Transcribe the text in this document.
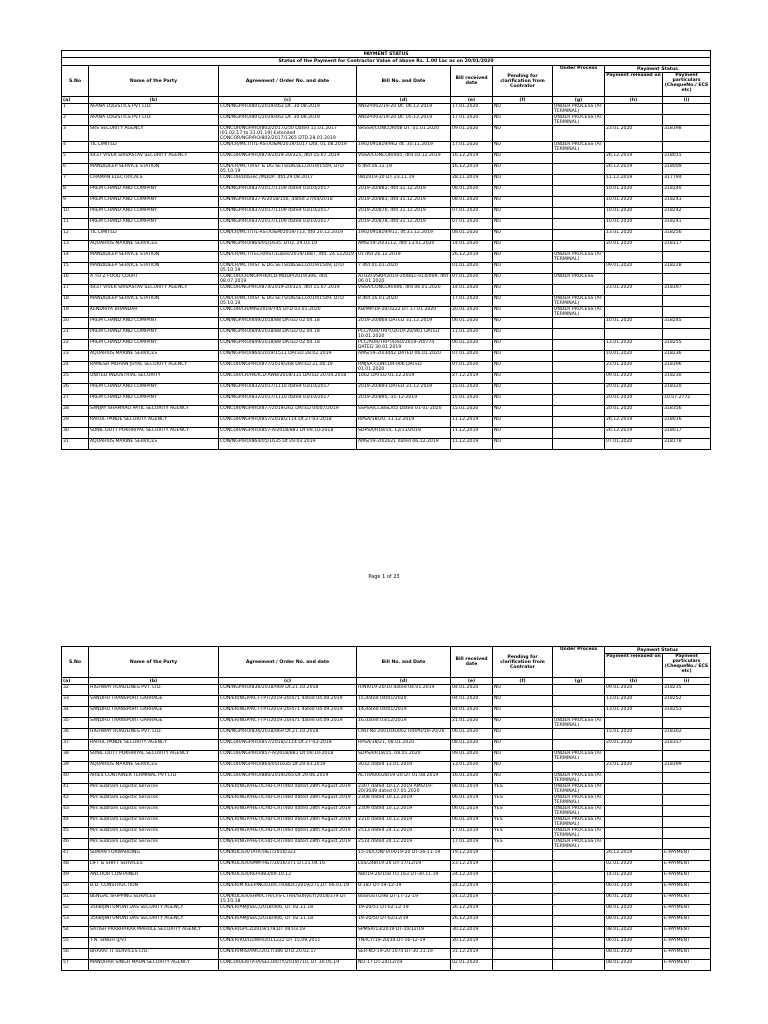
PAYMENT STATUS								
Status of the Payment for Contractor Value of above Rs. 1.00 Lac as on 20/01/2020								
S.No	Name of the Party	Agreement / Order No. and date	Bill No. and Date	Bill received date	Pending for clarification from Contrator	Under Process	Payment Status	
							Payment released on	Payment particulars (ChequeNo./ ECS etc)
(a)	(b)	(c)	(d)	(e)	(f)	(g)	(h)	(i)
1	AFANA LOGISTICS PVT LTD	CON/NGP/RO/801/2019/462 Dt. 30.08.2019	ANGP/002/19-20 Dt. 06.12.2019	17.01.2020	NO	UNDER PROCESS (AT TERMINAL)		
2	AFANA LOGISTICS PVT LTD	CON/NGP/RO/801/2019/462 Dt. 30.08.2019	ANGP/003/19-20 Dt. 05.12.2019	17.01.2020	NO	UNDER PROCESS (AT TERMINAL)		
3	SRS SECURITY AGENCY	CONCOR/NGP/RO/802/2017/250 Dated 11.01.2017 (01.02.17 to 31.01.19) Extended CONCOR/NGP/RO/802/2017/1365 DTD.28.01.2019	SRSSA/CONCOR/08 DT. 01.01.2020	09.01.2020	NO		23.01.2020	318398
4	TIL LIMITED	CON/CR/MCT/TIL-RST/O&M/2019/1017 Dtd. 01.08.2019	1902091819/962 dt. 30.11.2019	17.01.2020	NO	UNDER PROCESS (AT TERMINAL)		
5	4437 VIVEK SRIVASTAV SECURITY AGENCY	CONCOR/NGP/RO/874/2019-20/325, dtd 15.07.2019	VSSA/CONCOR/005, dtd 10.12.2019	16.12.2019	NO		26.12.2019	318015
6	MANDIDEEP SERVICE STATION	CON/CR/MCT/RST & DG SETS/DIESEL/2019/1549, DTD 05.10.19	6 dtd 16.12.19	16.12.2019	NO		26.12.2019	318009
7	CHAMAN ELECTRICALS	CONCOR/DI/Elec./MDDP, dtd.29.08.2017	08/2019-20 DT 23.11.19	28.11.2019	NO		11.12.2019	317794
8	PREM CHAND AND COMPANY	CON/NGP/RO/837/2017/1109 dated 03/10/2017	2019-20/882, dtd 31.12.2019	08.01.2020	NO		10.01.2020	318240
9	PREM CHAND AND COMPANY	CON/NGP/RO/837-A/2018/156, dated 27/04/2018	2019-20/883, dtd 31.12.2019	08.01.2020	NO		10.01.2020	318243
10	PREM CHAND AND COMPANY	CON/NGP/RO/837/2017/1109 dated 03/10/2017	2019-20/876, dtd 31.12.2019	07.01.2020	NO		10.01.2020	318242
11	PREM CHAND AND COMPANY	CON/NGP/RO/837/2017/1109 dated 03/10/2017	2019-20/878, dtd 31.12.2019	07.01.2020	NO		10.01.2020	318241
12	TIL LIMITED	CON/CR/MCT/TIL-RST/O&M/2019/713, dtd 20.12.2019	1902091819/911, dt.31.12.2019	08.01.2020	NO		13.01.2020	318256
13	AQUARIUS MARINE SERVICES	CON/NGP/RO/864/05/1635, DTD. 29.03.19	AMS/19-20/3112, dtd 13.01.2020	14.01.2020	NO		20.01.2020	318317
14	MANDIDEEP SERVICE STATION	CON/CR/MCT/TECH/RST/Lubes/2019/1887, dtd. 24.122019	01 dtd 26.12.2019	26.12.2019	NO	UNDER PROCESS (AT TERMINAL)		
15	MANDIDEEP SERVICE STATION	CON/CR/MCT/RST & DG SETS/DIESEL/2019/1549, DTD 05.10.19	7 dtd 01.01.2020	01.01.2020	NO		09.01.2020	318228
16	A TO Z FOOD COURT	CONCOR/CR/NGP/HK/ICD-MDDP/2019/306, dtd. 08.07.2019	ATOZFVSKP/2019-20/BILL-014/009, dtd 06.01.2020	07.01.2020	NO	UNDER PROCESS		
17	4437 VIVEK SRIVASTAV SECURITY AGENCY	CONCOR/NGP/RO/874/2019-20/325, dtd 15.07.2019	VSSA/CONCOR/006, dtd 06.01.2020	14.01.2020	NO		23.01.2020	318397
18	MANDIDEEP SERVICE STATION	CON/CR/MCT/RST & DG SETS/DIESEL/2019/1549, DTD 05.10.19	8 dtd 16.01.2020	17.01.2020	NO	UNDER PROCESS (AT TERMINAL)		
19	KENDRIYA BHANDAR	CONCOR/CR/MIS/2019/745 DTD 03.01.2020	KB/MP/19-20/3222 DT 17.01.2020	20.01.2020	NO	UNDER PROCESS (AT TERMINAL)		
20	PREM CHAND AND COMPANY	CON/NGP/RO/849/2018/88 DATED 02.04.18	2019-20/864 DATED 31.12.2019	06.01.2020	NO		10.01.2020	318245
21	PREM CHAND AND COMPANY	CON/NGP/RO/849/2018/88 DATED 02.04.18	PCC/AUR/TRPT/2019-20/901 DATED 10.01.2020	11.01.2020	NO			
22	PREM CHAND AND COMPANY	CON/NGP/RO/849/2018/88 DATED 02.04.18	PCC/AUR/TRPT/DSO/2019-20/774 DATED 30.01.2019	06.01.2020	NO		13.01.2020	318255
23	AQUARIUS MARINE SERVICES	CON/NGP/RO/864/2019/1511 DATED 28.02.2019	AMS/19-20/3042 DATED 06.01.2020	07.01.2020	NO		10.01.2020	318236
24	RAMESH MOHAN JUYAL SECURITY AGENCY	CONCOR/NGP/RO/877/2019/268 DATED 21.06.19	RMJSA-CONCOR-006 DATED 01.01.2020	07.01.2020	NO		23.01.2020	318396
25	UNITED INDUSTRIAL SECURITY	CONCOR/CR/HK/ICD-AWB/2018/131 DATED 20.04.2018	1662 DATED 01.12.2019	27.12.2019	NO		09.01.2020	318230
26	PREM CHAND AND COMPANY	CON/NGP/RO/832/2017/1110 dated 03/10/2017	2019-20/893 DATED 31.12.2019	15.01.2020	NO		20.01.2020	318320
27	PREM CHAND AND COMPANY	CON/NGP/RO/832/2017/1110 dated 03/10/2017	2019-20/895, 31-12-2019	15.01.2020	NO		20.01.2020	10.07.2771
28	SANJAY SHAMRAO PATIL SECURITY AGENCY	CONCOR/NGP/RO/877/2019/262 DATED 04/07/2019	SSPSA/CCIBSL/05 Dated 01-01-2020	15.01.2020	NO		20.01.2020	318356
29	RAHUL PANDE SECURITY AGENCY	CONCOR/NGP/RO/857/2018/2114 Dt 27-03-2018	RPSA/18/20, 11.12.2019	11.12.2019	NO		26.12.2019	318016
30	SUNIL DUTT POKHRIYAL SECURITY AGENCY	CONCOR/NGP/RO/857-A/2018/881 Dt 09.10-2018	SDPSA/R18/14, 12/11/2019	11.12.2019	NO		26.12.2019	318017
31	AQUARIUS MARINE SERVICES	CON/NGP/RO/864/05/1635 Dt 29.03.2019	AMS/19-20/2621 dated 06.12.2019	11.12.2019	NO		07.01.2020	318178
Page 1 of 23
S.No	Name of the Party	Agreement / Order No. and date	Bill No. and Date	Bill received date	Pending for clarification from Contrator	Under Process	Payment Status	
							Payment released on	Payment particulars (ChequeNo./ ECS etc)
(a)	(b)	(c)	(d)	(e)	(f)	(g)	(h)	(i)
32	HIGHWAY ROADLINES PVT. LTD.	CON/NGP/RO/836/2018/969 Dt.21.10.2018	H/NR/19-20/10 dated 04.01.2019	04.01.2020	NO		09.01.2020	318235
33	SANDHU TRANSPORT GARRAGE	CON/ER/NGP/RCT-TPT/2019-20/471 dated 04.09.2019	15,dated 04/01/2020	04.01.2020	NO		13.01.2020	318252
34	SANDHU TRANSPORT GARRAGE	CON/ER/NGP/RCT-TPT/2019-20/471 dated 04.09.2019	14,dated 04/01/2019	04.01.2020	NO		13.01.2020	318253
35	SANDHU TRANSPORT GARRAGE	CON/ER/NGP/RCT-TPT/2019-20/471 dated 04.09.2019	16,dated 03/12/2019	21.01.2020	NO	UNDER PROCESS (AT TERMINAL)		
36	HIGHWAY ROADLINES PVT. LTD.	CON/NGP/RO/836/2018/969 Dt.21.10.2018	CNO No 2001040002 H/RPR/19-20/26	06.01.2020	NO		15.01.2020	318302
37	RAHUL PANDE SECURITY AGENCY	CONCOR/NGP/RO/857/2018/2114 Dt 27-03-2018	RPSA/18/21, 08.01.2020	08.01.2020	NO		20.01.2020	318357
38	SUNIL DUTT POKHRIYAL SECURITY AGENCY	CONCOR/NGP/RO/857-A/2018/881 Dt 09.10-2018	SDPSA/R18/15, 08.01.2020	09.01.2020	NO	UNDER PROCESS (AT TERMINAL)		
39	AQUARIUS MARINE SERVICES	CONCOR/NGP/RO/864/05/1635 Dt 29.03.2019	3032 dated 13.01.2019	13.01.2020	NO		23.01.2020	318399
40	ARIES CONTAINER TERMINAL PVT LTD	CONCOR/NGP/RO/880/2019/265 Dt 29.06.2019	ACTRA00028/19-20 DT 01.08.2019	16.01.2020	NO	UNDER PROCESS (AT TERMINAL)		
41	M/s Subham Logistic Services	CON/ER/NGP/H&T/CHD-CRT/460 dated 28th August 2019	2307 dated 10.12.2019 AMS/19-20/3049 dated 07.01.2020	06.01.2019	YES	UNDER PROCESS (AT TERMINAL)		
42	M/s Subham Logistic Services	CON/ER/NGP/H&T/CHD-CRT/460 dated 28th August 2019	2308 dated 10.12.2019	06.01.2019	YES	UNDER PROCESS (AT TERMINAL)		
43	M/s Subham Logistic Services	CON/ER/NGP/H&T/CHD-CRT/460 dated 28th August 2019	2309 dated 10.12.2019	06.01.2019	YES	UNDER PROCESS (AT TERMINAL)		
44	M/s Subham Logistic Services	CON/ER/NGP/H&T/CHD-CRT/460 dated 28th August 2019	2310 dated 10.12.2019	06.01.2019	YES	UNDER PROCESS (AT TERMINAL)		
45	M/s Subham Logistic Services	CON/ER/NGP/H&T/CHD-CRT/460 dated 28th August 2019	2513 dated 24.12.2019	17.01.2019	YES	UNDER PROCESS (AT TERMINAL)		
46	M/s Subham Logistic Services	CON/ER/NGP/H&T/CHD-CRT/460 dated 28th August 2019	2514 dated 24.12.2019	17.01.2019	YES	UNDER PROCESS (AT TERMINAL)		
47	SUMAN FORWARDING	CON/KOL/ER/TATA-H&T/2016/323	15-16/CON/TATA/19-20 DT-26-11-19	19.12.2019	-	-	26.12.2019	E-PAYMENT
48	LIFT & SHIFT SERVICES	CON/KOL/ER/SMM-H&T/2016/371 DT.21.04.16	LSS/248/19-20 DT-17/12/19	23.12.2019	-	-	02.01.2020	E-PAYMENT
49	ANCHOR CONTAINER	CON/KOL/ER/REP/483/09.10.12	ABI/19-20/158 TO 163 DT-30.11.19	24.12.2019	-	-	14.01.2020	E-PAYMENT
50	B.D. CONSTRUCTION	CON/ER/M.KEEPING/LOI/CTR/BDC/2019/271,DT 00.01.19	B-187 DT-19-12-19	24.12.2019	-	-	06.01.2020	E-PAYMENT
51	BENGAL SHIPPING SERVICES	CON/KOL/ER/SHM/CTR/CFS-CTRR/SURVEY/2018/379 DT 15.10.18	BSS/GST/298 DT-17-12-19	24.12.2019	-	-	06.01.2020	E-PAYMENT
52	3568/JINTUMONI DAS SECURITY AGENCY	CON/ER/AMJ/SEC/2018/406, DT 02.11.18	19-20/51 DT-02-12-19	26.12.2019	-	-	08.01.2020	E-PAYMENT
53	3568/JINTUMONI DAS SECURITY AGENCY	CON/ER/AMJ/SEC/2018/406, DT 02.11.18	19-20/50 DT-02/12/19	26.12.2019	-	-	08.01.2020	E-PAYMENT
54	SATISH PRABHAKAR MAHULE SECURITY AGENCY	CON/ER/GPC2/2019/178,DT 04.03.19	SPMSA/13/2019 DT-10/12/19	30.12.2019	-	-	08.01.2020	E-PAYMENT
55	T.N. SINGH (J/V)	CON/ER/RO/GUWH/2011222 DT 15.09.2011	TN/ICT/19-20/34 DT-16-12-19	30.12.2019	-	-	06.01.2020	E-PAYMENT
56	BHARAT IT SERVICES LTD.	CON/ER/MIS/AMC/2017/386 DTD.20.02.17	SER-KO-19-20-1074 DT-30.11.19	31.12.2019	-	-	08.01.2020	E-PAYMENT
57	MANOHAR SINGH MAUN SECURITY AGENCY	CONCOR/ER/TATA/SECURITY/2019/710, DT 30.05.19	NO-17 DT-24/12/19	02.01.2020	-	-	08.01.2020	E-PAYMENT
